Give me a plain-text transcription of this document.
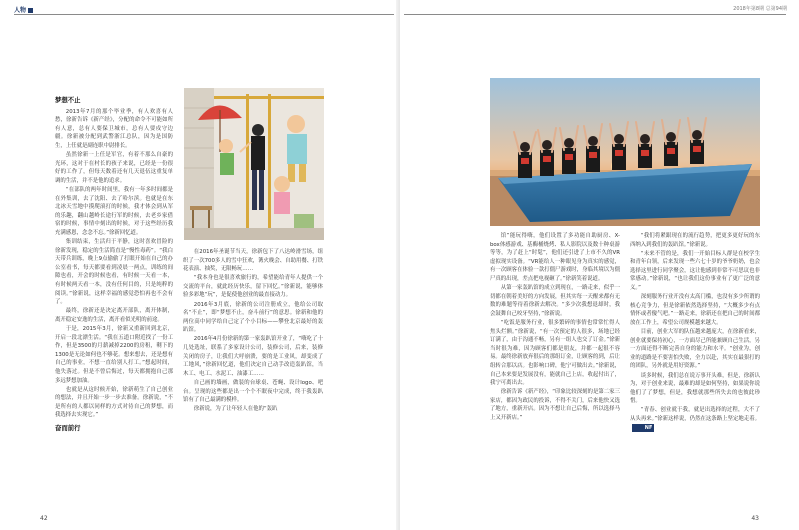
人物
梦想不止

2013年7月的那个毕业季，有人欢喜有人愁，徐新告诉《新产经》，分配的命令不可能如所有人意，总有人要保卫城市，总有人要戍守边疆。徐新被分配到武警浙江总队，因为是国防生，上任就是副连职中尉排长。

虽然徐新一上任是军官，有着不那么自豪的光环，这对于在村长的孩子来说，已经是一份很好的工作了，但每天数着还有几天退伍这重复单调的生活，并不是他的追求。

“在部队的两年时间里，我有一年多时间都是在外集训，去了沈阳、去了哈尔滨。也就是在东北冰天雪地中摸爬滚打的时候，我才体会到从军的乐趣，翻山越岭长途行军的时候，去老乡家借宿的时候，事情中刻出的时候，对于这些经历我充满感恩，念念不忘。”徐新回忆道。

集训结束，生活归于平静，这时喜欢冒险的徐新发现，稳定的生活简直是“慢性毒药”。“我白天带兵训练，晚上9点偷偷了打眼开始在自己的办公室看书，每天都要看到凌晨一两点，训练的间隙也看，开会的时候也看，有时候一天看一本，有时候两天看一本，没有任何目的，只是纯粹的阅读。”徐新说，这样幸福的感觉恐怕再也不会有了。

最终，徐新还是决定离开部队，离开体制，离开稳定安逸的生活，离开看似光明的前途。

于是，2015年3月，徐新又重新回到北京，开启一段北漂生活。“我在五道口附近找了一份工作，但是3500的月薪减掉2200的房租，剩下的1300是无论如何也不够花。想来想去，还是想有自己的事业，不想一直给别人打工。”想起时间，他失落过。但是不曾后悔过，每天都拥抱自己那多远梦想加油。

也就是从这时候开始，徐新萌生了自己创业的想法，并且开始一步一步去准备。徐新说，“不是所有的人都以同样的方式对待自己的梦想，而我选择去实现它。”

奋而前行

在2016年圣诞节当天，徐新包下了八达岭滑雪场，组织了一次700多人的雪中狂欢，篝火晚会、自助用餐、打铁花表演、抽奖，无限畅玩……

“我本身也是很喜欢旅行的，希望能给青年人提供一个交流的平台，就此经历快乐，留下回忆。”徐新说，能够体验多彩地“玩”，是促使他创业的最直接动力。

2016年3月底，徐新的公司注册成立，他给公司取名“不止”，即“梦想不止，奋斗前行”的意思。徐新和他的两位高中同学给自己定了个小目标——攀登北京最好的轰趴馆。

2016年4月份徐新的第一家轰趴馆开业了，“嗨吃了十几处选址，联系了多家设计公司，装修公司，后来，装修关闭的房子，让我们大呼崩溃，要的是工业风，却变成了工地风，”徐新回忆道，他们决定自己动手改造轰趴馆，当木工、电工、水泥工、油漆工……

自己画的墙画，做装的台球桌、苍蝇、设计logo、吧台。呈现的这些都是出一个个不眠夜中完成，终于我轰趴馆有了自己最满的模样。

徐新说，为了让年轻人在他的“轰趴

42
2018年第8期 总第94期
43

馆”能玩得嗨，他们设置了多功能自助厨房、X-box体感游戏、基酶桶烧烤、私人影院以及数十种桌游等等，为了赶上“时髦”，他们还引进了上市不久的VR虚拟现实设备。“VR能给人一种眼见身为真实的感觉，有一次顾客在体验一款打僵尸游戏时，身临其境以为僵尸真的出现，差点把电视砸了。”徐新笑着说道。

从第一家轰趴馆的成立到现在，一路走来，似乎一切都在朝着美好的方向发展，但其实每一天醒来都有无数的难题等待着徐新去解决。“多少次我想退却时，我会鼓舞自己咬牙坚持，”徐新说。

“吃饭是服务行业，很多繁碎的事情也常常忙得人焦头烂额。”徐新说，“有一次预定的人很多，场地已经订满了，由于沟通不畅，另有一组人也交了订金。”徐新当时很为难，因为顾客们都是朋友，并都一起很不容易。最终徐新放弃很后的那组订金，让顾客的到，后让组转合那以店。也影响口碑，他宁可做出去。”徐新说，自己本来要是发展没有，能就自己上店，收起付出了，我宁可离出去。

徐新告诉《新产经》，“印象比较深刻的是第二家三家店，都因为政民的投诉，不得不关门，后来他快又选了地方，重新开店。因为不想让自己后悔，所以选择马上又开新店。”

“我们将紧跟现在的流行趋势，把更多更好玩的东西纳入到我们的轰趴馆。”徐新说。

“未来不管的是，我们一开始目标人群是在校学生和青年白领，后来发现一些六七十岁的爷爷奶奶，也会选择这里进行同学聚会，这让他感到非常不可思议也非常感动。”徐新说，“也让我们这份事业有了更广泛的意义。”

深刻服务行业开没有太高门槛，也没有多少所谓的核心竞争力，但是徐新依然选择坚持，“大概多少有点情怀或者傻气吧。”一路走来，徐新还在把自己的时间都放在工作上，希望公司规模越来越大。

目前，创业大军的队伍越来越庞大，在徐新看来，创业就要保持初心，一方面尽己所能兼顾自己生活，另一方面还得不断完善自身的能力和水平。“创业为，创业的道路是不要害怕失败，全力以赴，其实在最狠打的的团队，另外就是用好资源。”

谈多时候，我们总在说万事开头难，但是，徐新认为，对于创业来说，最难的却是如何坚持，如果说你说他们了了梦想，但是，我想就那些所失去的也彼此珍惜。

“青春、创业就于我，就是出选择的过程，大不了从头再来。”徐新这样说，仍然在这条路上坚定地走着。NF
